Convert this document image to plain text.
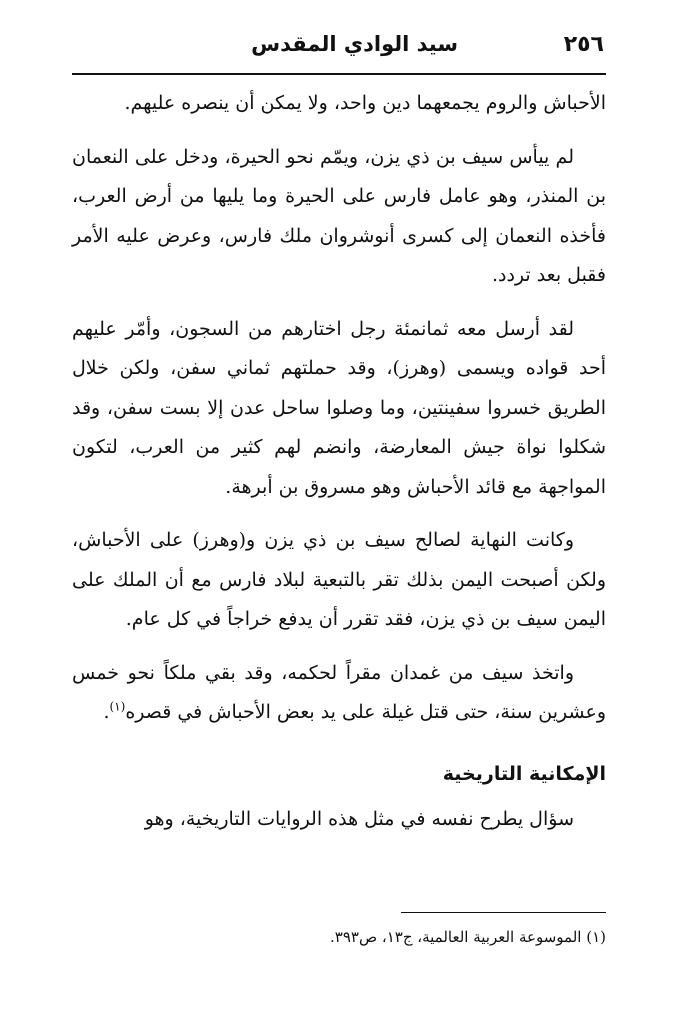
٢٥٦
سيد الوادي المقدس

الأحباش والروم يجمعهما دين واحد، ولا يمكن أن ينصره عليهم.

لم ييأس سيف بن ذي يزن، ويمّم نحو الحيرة، ودخل على النعمان بن المنذر، وهو عامل فارس على الحيرة وما يليها من أرض العرب، فأخذه النعمان إلى كسرى أنوشروان ملك فارس، وعرض عليه الأمر فقبل بعد تردد.

لقد أرسل معه ثمانمئة رجل اختارهم من السجون، وأمّر عليهم أحد قواده ويسمى (وهرز)، وقد حملتهم ثماني سفن، ولكن خلال الطريق خسروا سفينتين، وما وصلوا ساحل عدن إلا بست سفن، وقد شكلوا نواة جيش المعارضة، وانضم لهم كثير من العرب، لتكون المواجهة مع قائد الأحباش وهو مسروق بن أبرهة.

وكانت النهاية لصالح سيف بن ذي يزن و(وهرز) على الأحباش، ولكن أصبحت اليمن بذلك تقر بالتبعية لبلاد فارس مع أن الملك على اليمن سيف بن ذي يزن، فقد تقرر أن يدفع خراجاً في كل عام.

واتخذ سيف من غمدان مقراً لحكمه، وقد بقي ملكاً نحو خمس وعشرين سنة، حتى قتل غيلة على يد بعض الأحباش في قصره$^{(١)}$.

الإمكانية التاريخية

سؤال يطرح نفسه في مثل هذه الروايات التاريخية، وهو

(١) الموسوعة العربية العالمية، ج١٣، ص٣٩٣.
